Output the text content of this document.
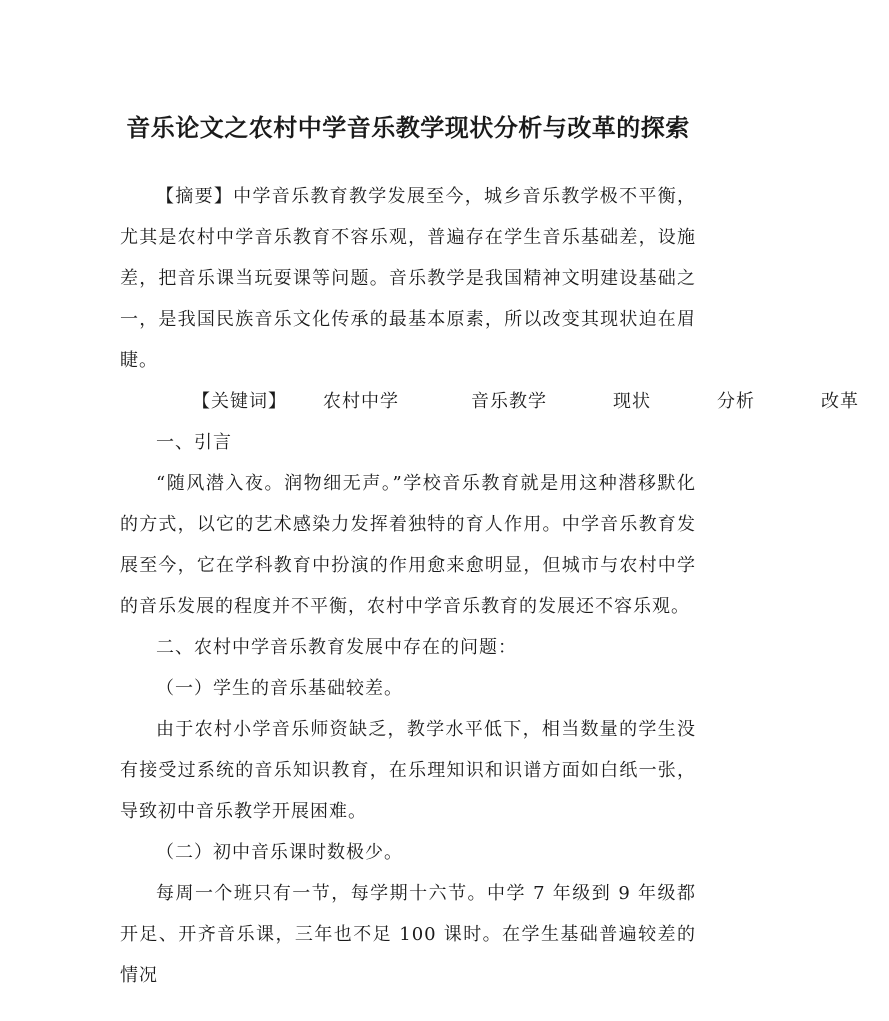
音乐论文之农村中学音乐教学现状分析与改革的探索

【摘要】中学音乐教育教学发展至今，城乡音乐教学极不平衡，尤其是农村中学音乐教育不容乐观，普遍存在学生音乐基础差，设施差，把音乐课当玩耍课等问题。音乐教学是我国精神文明建设基础之一，是我国民族音乐文化传承的最基本原素，所以改变其现状迫在眉睫。

【关键词】 农村中学	音乐教学	现状	分析	改革

一、引言

“随风潜入夜。润物细无声。”学校音乐教育就是用这种潜移默化的方式，以它的艺术感染力发挥着独特的育人作用。中学音乐教育发展至今，它在学科教育中扮演的作用愈来愈明显，但城市与农村中学的音乐发展的程度并不平衡，农村中学音乐教育的发展还不容乐观。

二、农村中学音乐教育发展中存在的问题：

（一）学生的音乐基础较差。

由于农村小学音乐师资缺乏，教学水平低下，相当数量的学生没有接受过系统的音乐知识教育，在乐理知识和识谱方面如白纸一张，导致初中音乐教学开展困难。

（二）初中音乐课时数极少。

每周一个班只有一节，每学期十六节。中学 7 年级到 9 年级都开足、开齐音乐课，三年也不足 100 课时。在学生基础普遍较差的情况
